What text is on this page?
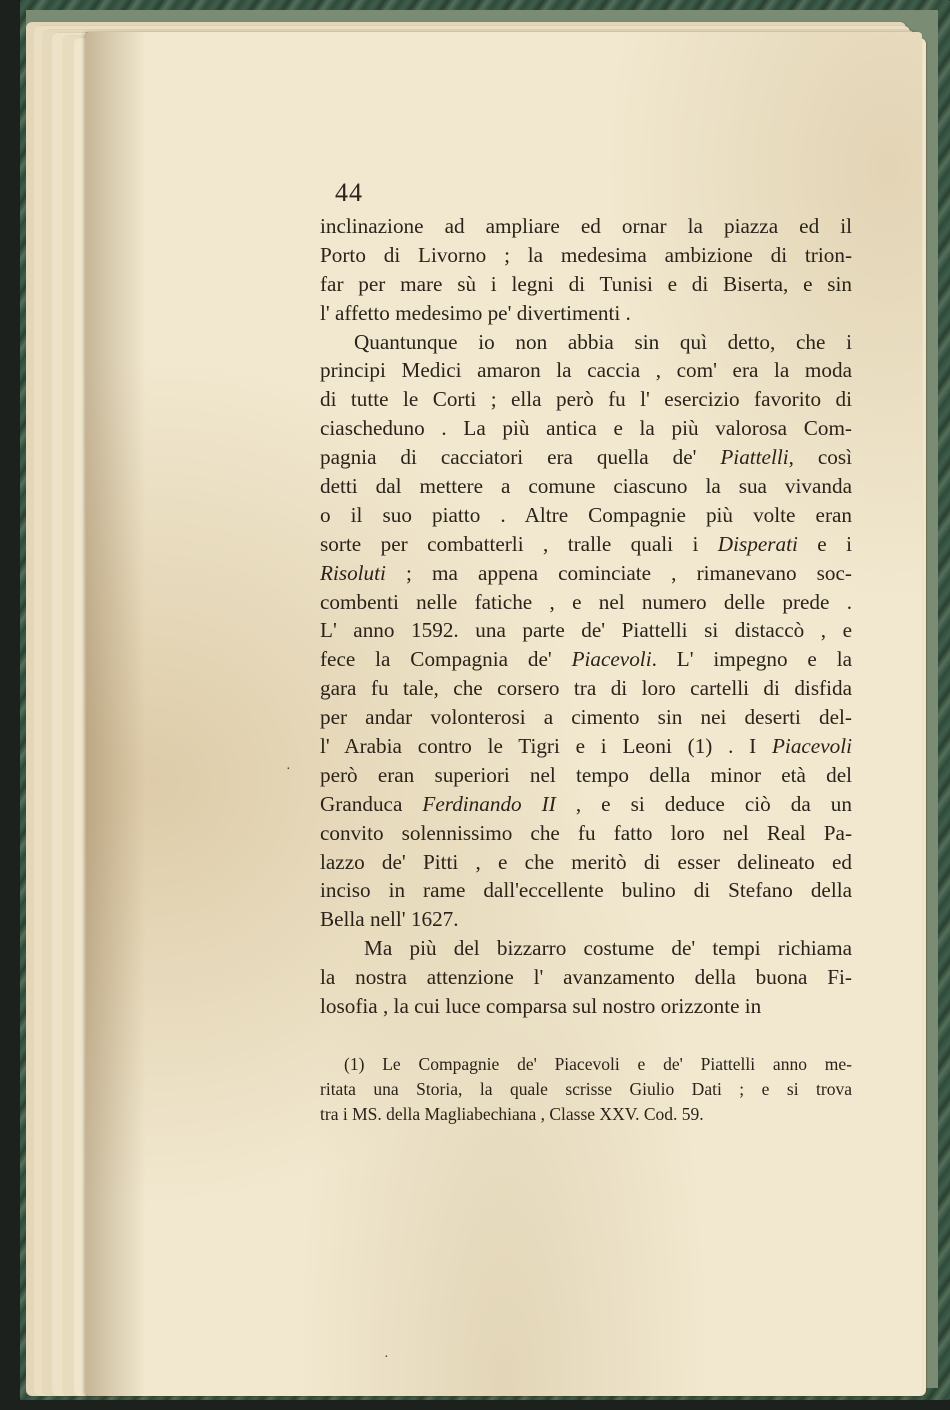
44
inclinazione ad ampliare ed ornar la piazza ed il
Porto di Livorno ; la medesima ambizione di trion-
far per mare sù i legni di Tunisi e di Biserta, e sin
l' affetto medesimo pe' divertimenti .
Quantunque io non abbia sin quì detto, che i
principi Medici amaron la caccia , com' era la moda
di tutte le Corti ; ella però fu l' esercizio favorito di
ciascheduno . La più antica e la più valorosa Com-
pagnia di cacciatori era quella de' Piattelli, così
detti dal mettere a comune ciascuno la sua vivanda
o il suo piatto . Altre Compagnie più volte eran
sorte per combatterli , tralle quali i Disperati e i
Risoluti ; ma appena cominciate , rimanevano soc-
combenti nelle fatiche , e nel numero delle prede .
L' anno 1592. una parte de' Piattelli si distaccò , e
fece la Compagnia de' Piacevoli. L' impegno e la
gara fu tale, che corsero tra di loro cartelli di disfida
per andar volonterosi a cimento sin nei deserti del-
l' Arabia contro le Tigri e i Leoni (1) . I Piacevoli
però eran superiori nel tempo della minor età del
Granduca Ferdinando II , e si deduce ciò da un
convito solennissimo che fu fatto loro nel Real Pa-
lazzo de' Pitti , e che meritò di esser delineato ed
inciso in rame dall'eccellente bulino di Stefano della
Bella nell' 1627.
Ma più del bizzarro costume de' tempi richiama
la nostra attenzione l' avanzamento della buona Fi-
losofia , la cui luce comparsa sul nostro orizzonte in
(1) Le Compagnie de' Piacevoli e de' Piattelli anno me-
ritata una Storia, la quale scrisse Giulio Dati ; e si trova
tra i MS. della Magliabechiana , Classe XXV. Cod. 59.
·
·
